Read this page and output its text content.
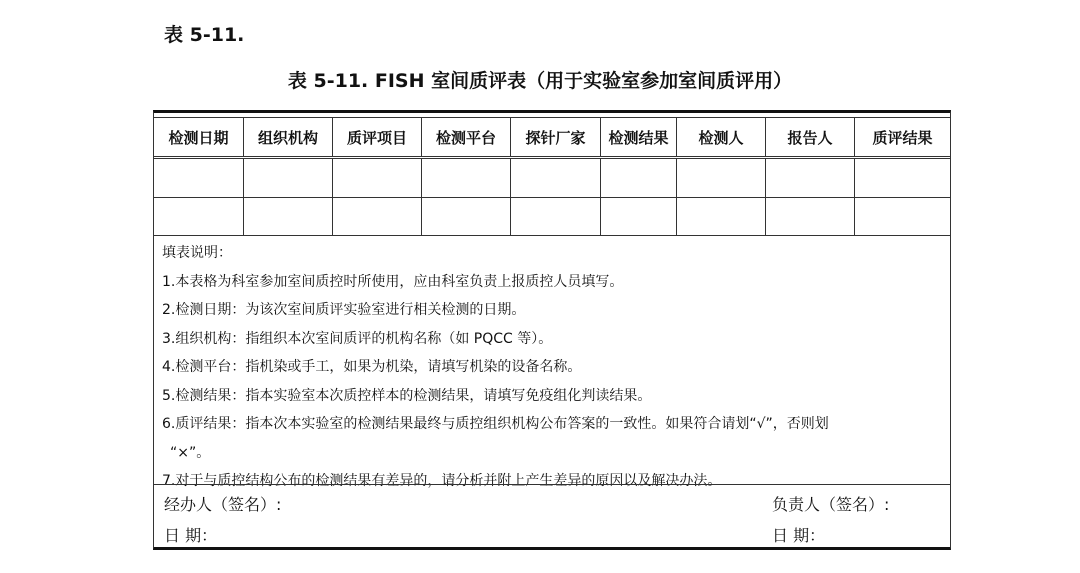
表 5-11.
表 5-11. FISH 室间质评表（用于实验室参加室间质评用）
检测日期	组织机构	质评项目	检测平台	探针厂家	检测结果	检测人	报告人	质评结果
填表说明：
1.本表格为科室参加室间质控时所使用，应由科室负责上报质控人员填写。
2.检测日期：为该次室间质评实验室进行相关检测的日期。
3.组织机构：指组织本次室间质评的机构名称（如 PQCC 等）。
4.检测平台：指机染或手工，如果为机染，请填写机染的设备名称。
5.检测结果：指本实验室本次质控样本的检测结果，请填写免疫组化判读结果。
6.质评结果：指本次本实验室的检测结果最终与质控组织机构公布答案的一致性。如果符合请划“√”，否则划
“×”。
7.对于与质控结构公布的检测结果有差异的，请分析并附上产生差异的原因以及解决办法。
经办人（签名）:
日 期：
负责人（签名）:
日 期：
